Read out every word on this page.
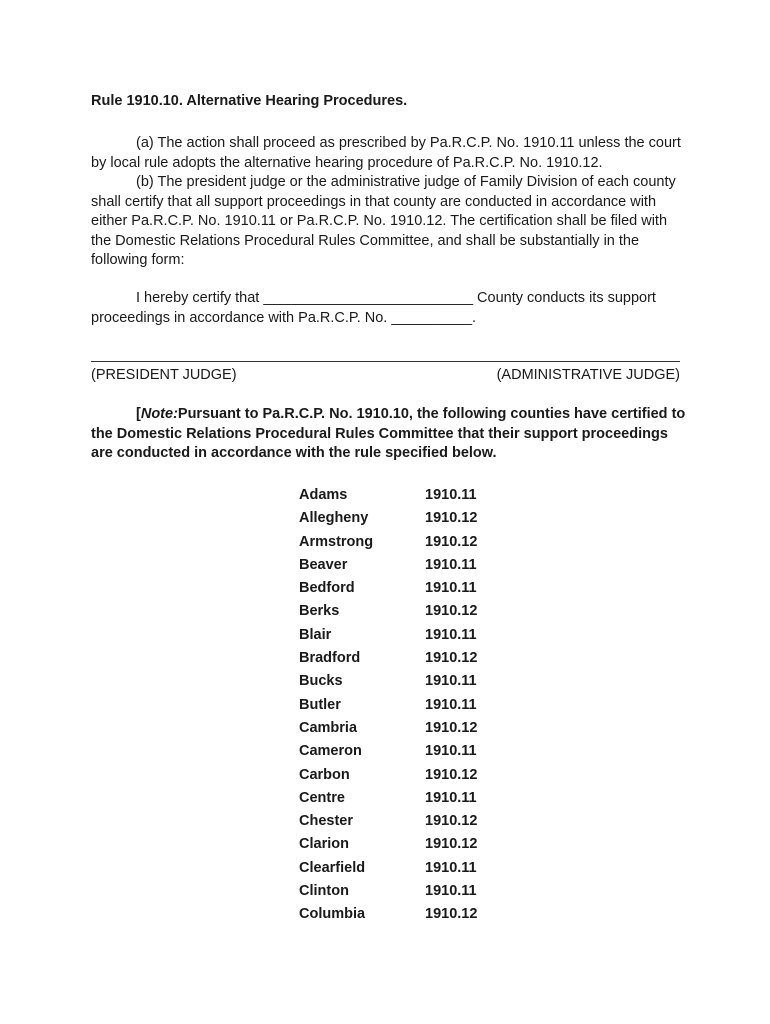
Rule 1910.10. Alternative Hearing Procedures.

(a) The action shall proceed as prescribed by Pa.R.C.P. No. 1910.11 unless the court by local rule adopts the alternative hearing procedure of Pa.R.C.P. No. 1910.12.

(b) The president judge or the administrative judge of Family Division of each county shall certify that all support proceedings in that county are conducted in accordance with either Pa.R.C.P. No. 1910.11 or Pa.R.C.P. No. 1910.12. The certification shall be filed with the Domestic Relations Procedural Rules Committee, and shall be substantially in the following form:

I hereby certify that __________________________ County conducts its support proceedings in accordance with Pa.R.C.P. No. __________.

(PRESIDENT JUDGE)	(ADMINISTRATIVE JUDGE)

[Note:Pursuant to Pa.R.C.P. No. 1910.10, the following counties have certified to the Domestic Relations Procedural Rules Committee that their support proceedings are conducted in accordance with the rule specified below.

Adams	1910.11
Allegheny	1910.12
Armstrong	1910.12
Beaver	1910.11
Bedford	1910.11
Berks	1910.12
Blair	1910.11
Bradford	1910.12
Bucks	1910.11
Butler	1910.11
Cambria	1910.12
Cameron	1910.11
Carbon	1910.12
Centre	1910.11
Chester	1910.12
Clarion	1910.12
Clearfield	1910.11
Clinton	1910.11
Columbia	1910.12
